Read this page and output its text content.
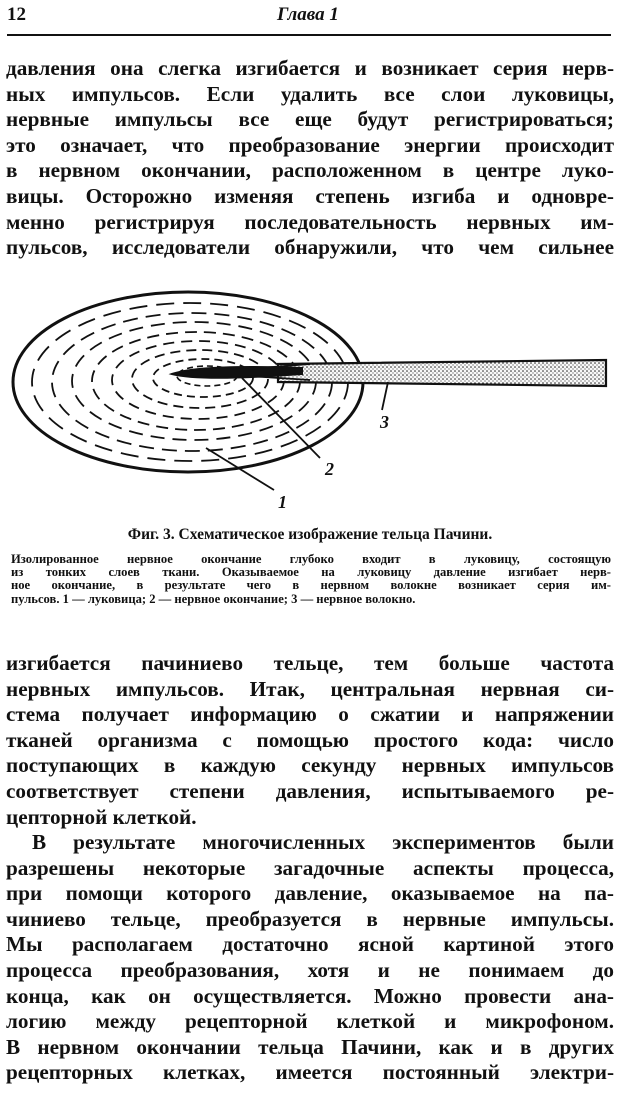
12	Глава 1

давления она слегка изгибается и возникает серия нерв-
ных импульсов. Если удалить все слои луковицы,
нервные импульсы все еще будут регистрироваться;
это означает, что преобразование энергии происходит
в нервном окончании, расположенном в центре луко-
вицы. Осторожно изменяя степень изгиба и одновре-
менно регистрируя последовательность нервных им-
пульсов, исследователи обнаружили, что чем сильнее

1
2
3

Фиг. 3. Схематическое изображение тельца Пачини.

Изолированное нервное окончание глубоко входит в луковицу, состоящую
из тонких слоев ткани. Оказываемое на луковицу давление изгибает нерв-
ное окончание, в результате чего в нервном волокне возникает серия им-
пульсов. 1 — луковица; 2 — нервное окончание; 3 — нервное волокно.

изгибается пачиниево тельце, тем больше частота
нервных импульсов. Итак, центральная нервная си-
стема получает информацию о сжатии и напряжении
тканей организма с помощью простого кода: число
поступающих в каждую секунду нервных импульсов
соответствует степени давления, испытываемого ре-
цепторной клеткой.

В результате многочисленных экспериментов были
разрешены некоторые загадочные аспекты процесса,
при помощи которого давление, оказываемое на па-
чиниево тельце, преобразуется в нервные импульсы.
Мы располагаем достаточно ясной картиной этого
процесса преобразования, хотя и не понимаем до
конца, как он осуществляется. Можно провести ана-
логию между рецепторной клеткой и микрофоном.
В нервном окончании тельца Пачини, как и в других
рецепторных клетках, имеется постоянный электри-
